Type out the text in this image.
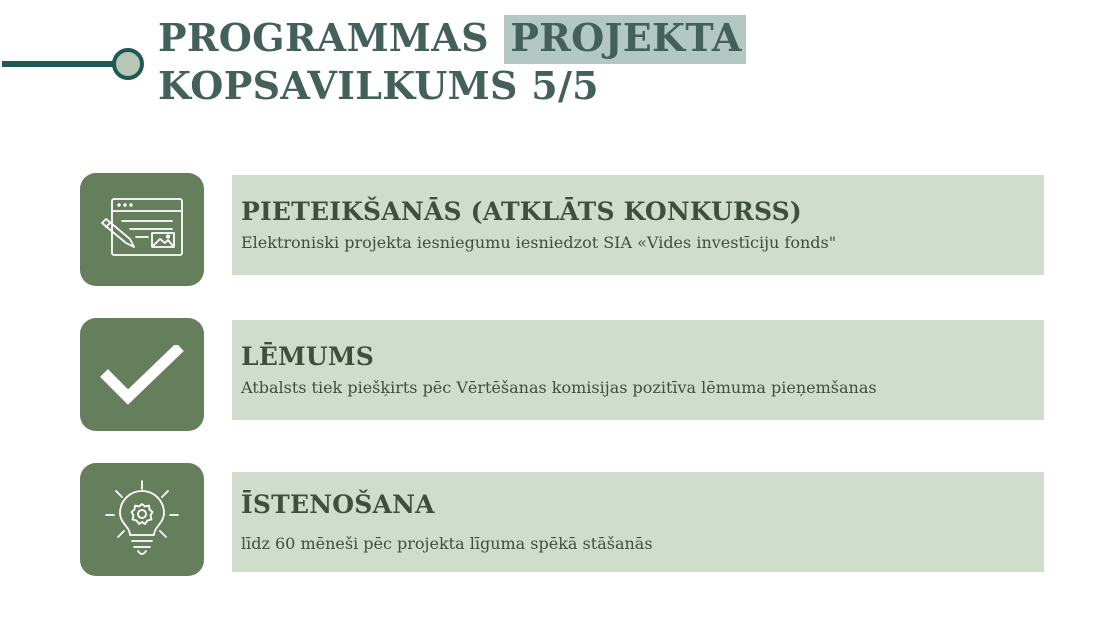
PROGRAMMAS PROJEKTA
KOPSAVILKUMS 5/5
PIETEIKŠANĀS (ATKLĀTS KONKURSS)
Elektroniski projekta iesniegumu iesniedzot SIA «Vides investīciju fonds"
LĒMUMS
Atbalsts tiek piešķirts pēc Vērtēšanas komisijas pozitīva lēmuma pieņemšanas
ĪSTENOŠANA
līdz 60 mēneši pēc projekta līguma spēkā stāšanās
